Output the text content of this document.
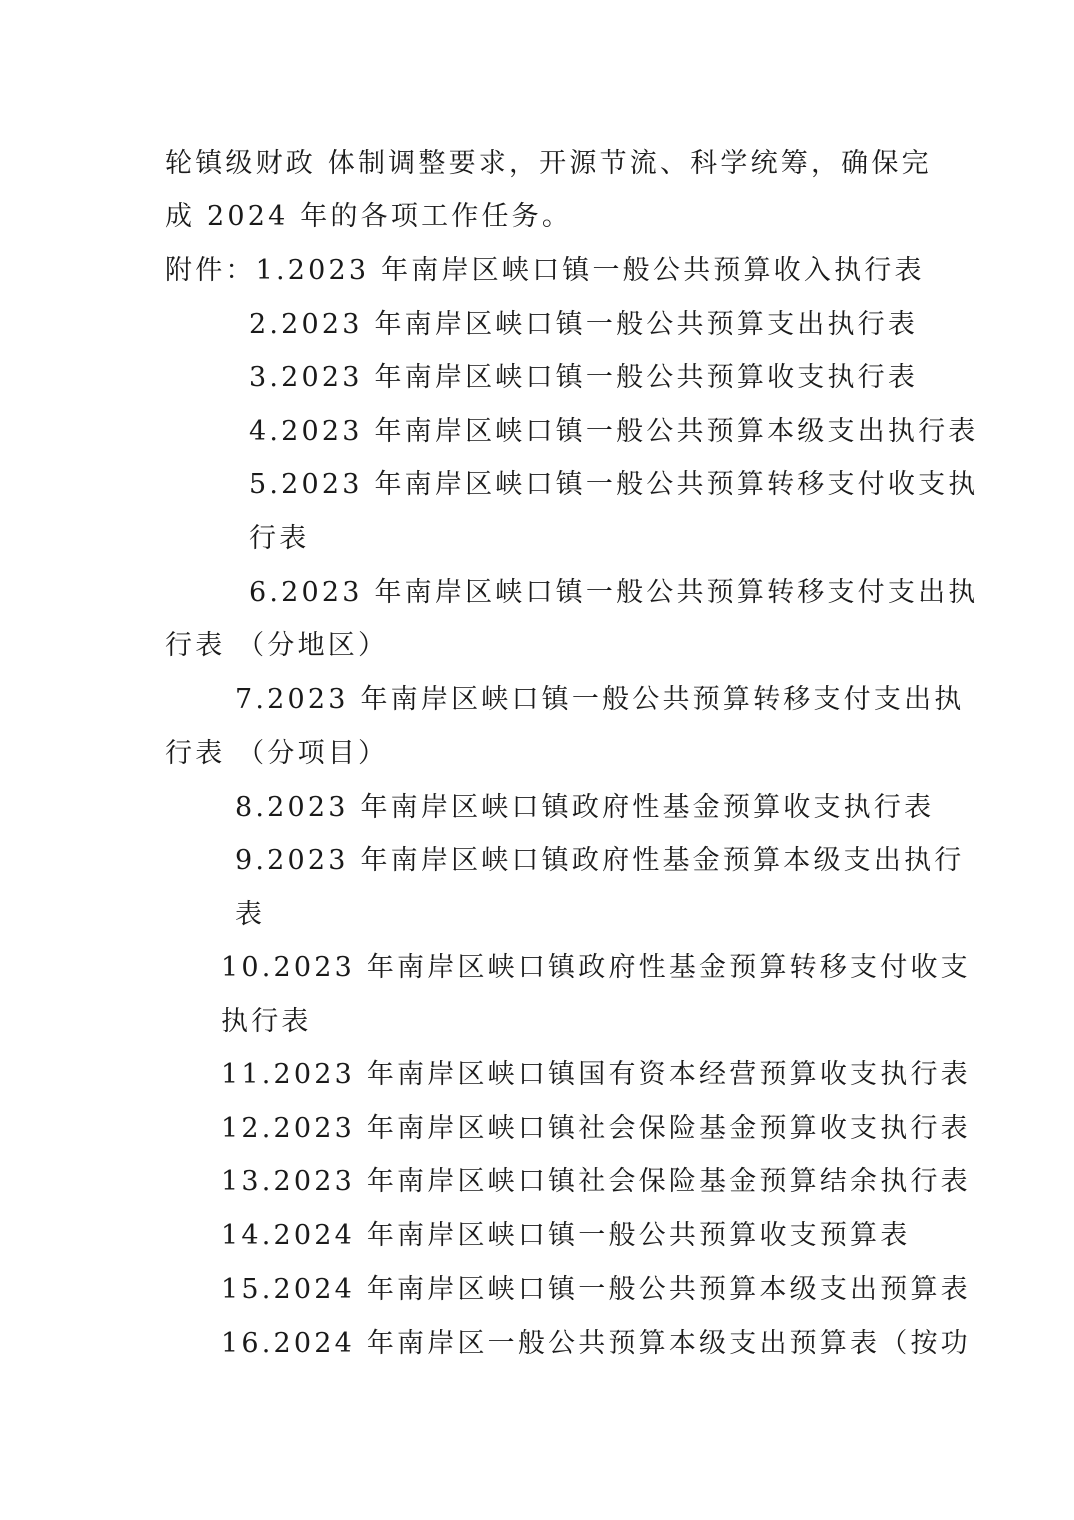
轮镇级财政 体制调整要求，开源节流、科学统筹，确保完
成 2024 年的各项工作任务。
附件：1.2023 年南岸区峡口镇一般公共预算收入执行表
2.2023 年南岸区峡口镇一般公共预算支出执行表
3.2023 年南岸区峡口镇一般公共预算收支执行表
4.2023 年南岸区峡口镇一般公共预算本级支出执行表
5.2023 年南岸区峡口镇一般公共预算转移支付收支执
行表
6.2023 年南岸区峡口镇一般公共预算转移支付支出执
行表 （分地区）
7.2023 年南岸区峡口镇一般公共预算转移支付支出执
行表 （分项目）
8.2023 年南岸区峡口镇政府性基金预算收支执行表
9.2023 年南岸区峡口镇政府性基金预算本级支出执行
表
10.2023 年南岸区峡口镇政府性基金预算转移支付收支
执行表
11.2023 年南岸区峡口镇国有资本经营预算收支执行表
12.2023 年南岸区峡口镇社会保险基金预算收支执行表
13.2023 年南岸区峡口镇社会保险基金预算结余执行表
14.2024 年南岸区峡口镇一般公共预算收支预算表
15.2024 年南岸区峡口镇一般公共预算本级支出预算表
16.2024 年南岸区一般公共预算本级支出预算表（按功
